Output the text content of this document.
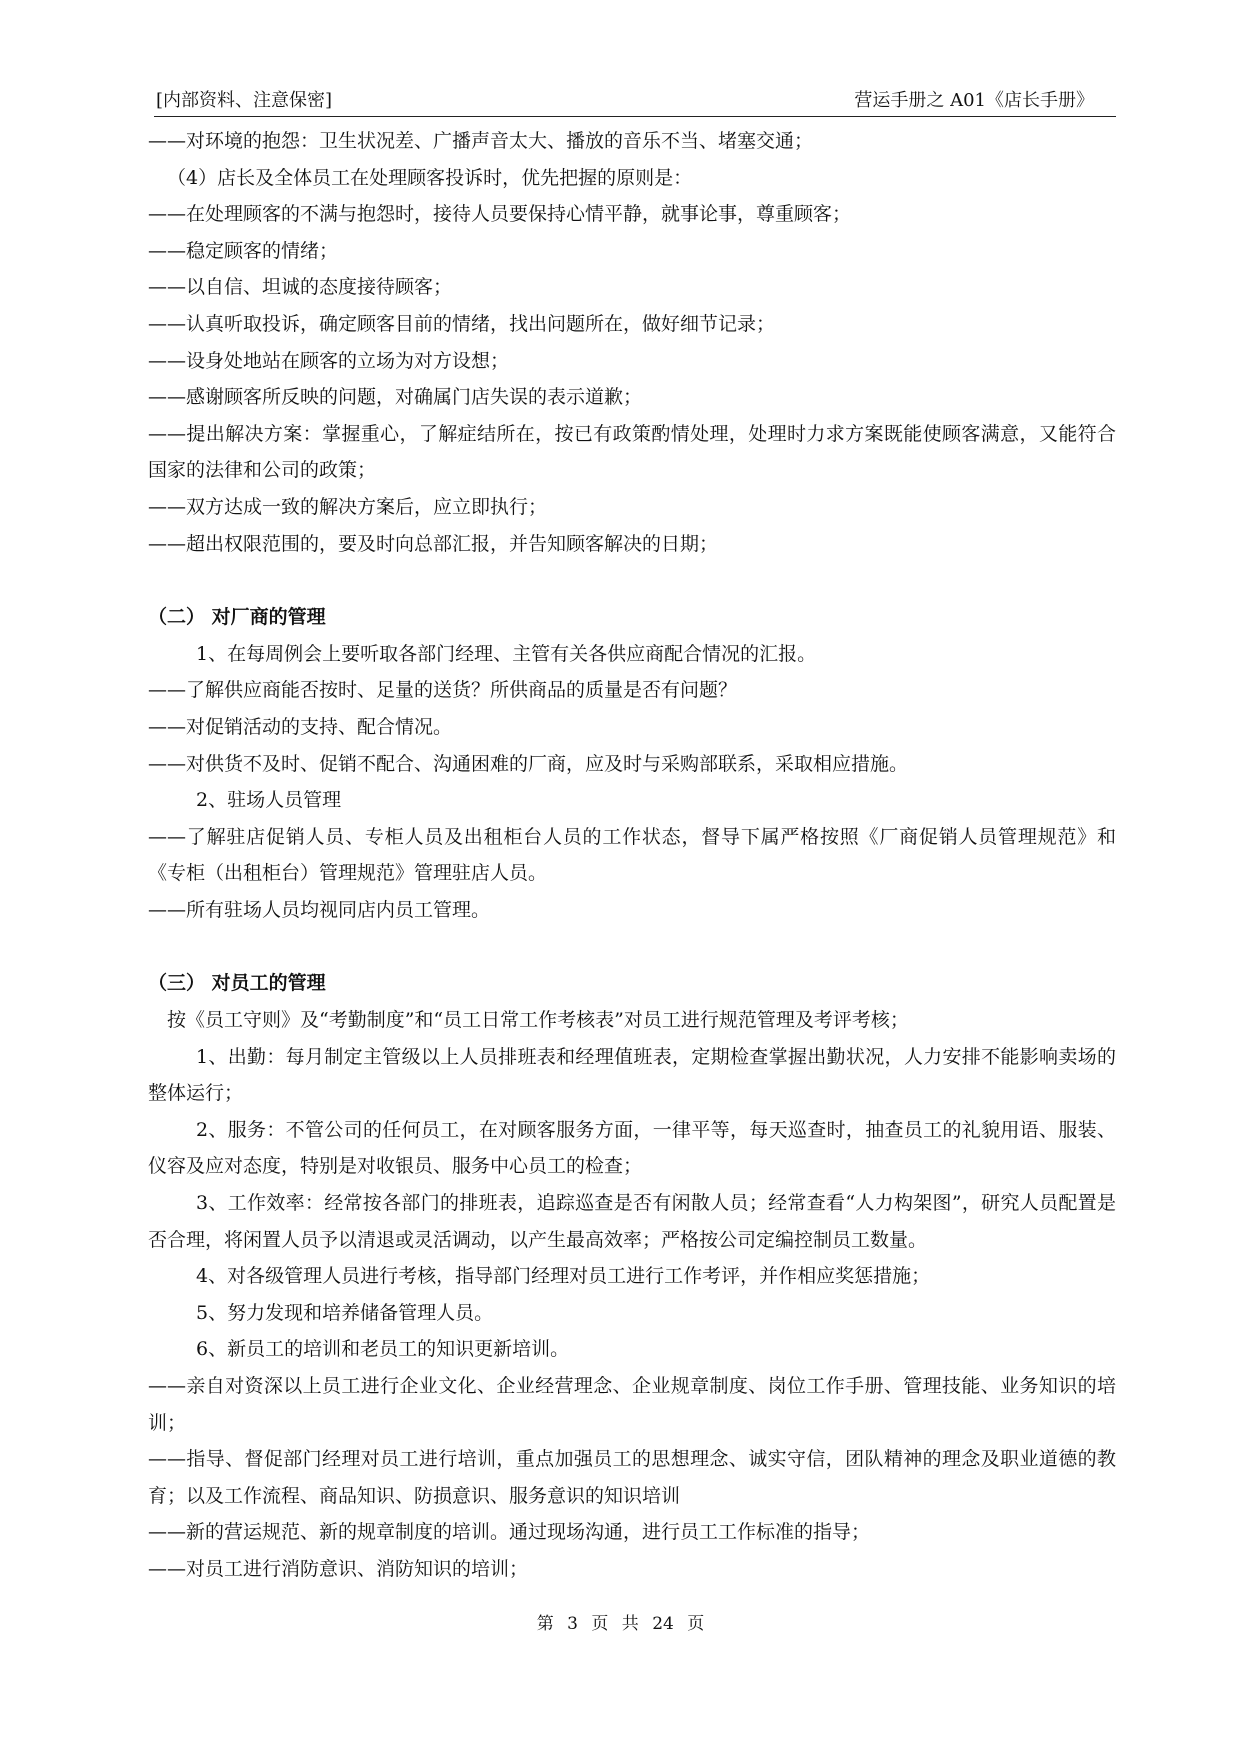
[内部资料、注意保密]	营运手册之 A01《店长手册》

——对环境的抱怨：卫生状况差、广播声音太大、播放的音乐不当、堵塞交通；

（4）店长及全体员工在处理顾客投诉时，优先把握的原则是：

——在处理顾客的不满与抱怨时，接待人员要保持心情平静，就事论事，尊重顾客；

——稳定顾客的情绪；

——以自信、坦诚的态度接待顾客；

——认真听取投诉，确定顾客目前的情绪，找出问题所在，做好细节记录；

——设身处地站在顾客的立场为对方设想；

——感谢顾客所反映的问题，对确属门店失误的表示道歉；

——提出解决方案：掌握重心，了解症结所在，按已有政策酌情处理，处理时力求方案既能使顾客满意，又能符合国家的法律和公司的政策；

——双方达成一致的解决方案后，应立即执行；

——超出权限范围的，要及时向总部汇报，并告知顾客解决的日期；

（二） 对厂商的管理

1、在每周例会上要听取各部门经理、主管有关各供应商配合情况的汇报。

——了解供应商能否按时、足量的送货？所供商品的质量是否有问题？

——对促销活动的支持、配合情况。

——对供货不及时、促销不配合、沟通困难的厂商，应及时与采购部联系，采取相应措施。

2、驻场人员管理

——了解驻店促销人员、专柜人员及出租柜台人员的工作状态，督导下属严格按照《厂商促销人员管理规范》和《专柜（出租柜台）管理规范》管理驻店人员。

——所有驻场人员均视同店内员工管理。

（三） 对员工的管理

按《员工守则》及“考勤制度”和“员工日常工作考核表”对员工进行规范管理及考评考核；

1、出勤：每月制定主管级以上人员排班表和经理值班表，定期检查掌握出勤状况，人力安排不能影响卖场的整体运行；

2、服务：不管公司的任何员工，在对顾客服务方面，一律平等，每天巡查时，抽查员工的礼貌用语、服装、仪容及应对态度，特别是对收银员、服务中心员工的检查；

3、工作效率：经常按各部门的排班表，追踪巡查是否有闲散人员；经常查看“人力构架图”，研究人员配置是否合理，将闲置人员予以清退或灵活调动，以产生最高效率；严格按公司定编控制员工数量。

4、对各级管理人员进行考核，指导部门经理对员工进行工作考评，并作相应奖惩措施；

5、努力发现和培养储备管理人员。

6、新员工的培训和老员工的知识更新培训。

——亲自对资深以上员工进行企业文化、企业经营理念、企业规章制度、岗位工作手册、管理技能、业务知识的培训；

——指导、督促部门经理对员工进行培训，重点加强员工的思想理念、诚实守信，团队精神的理念及职业道德的教育；以及工作流程、商品知识、防损意识、服务意识的知识培训

——新的营运规范、新的规章制度的培训。通过现场沟通，进行员工工作标准的指导；

——对员工进行消防意识、消防知识的培训；

第 3 页 共 24 页
